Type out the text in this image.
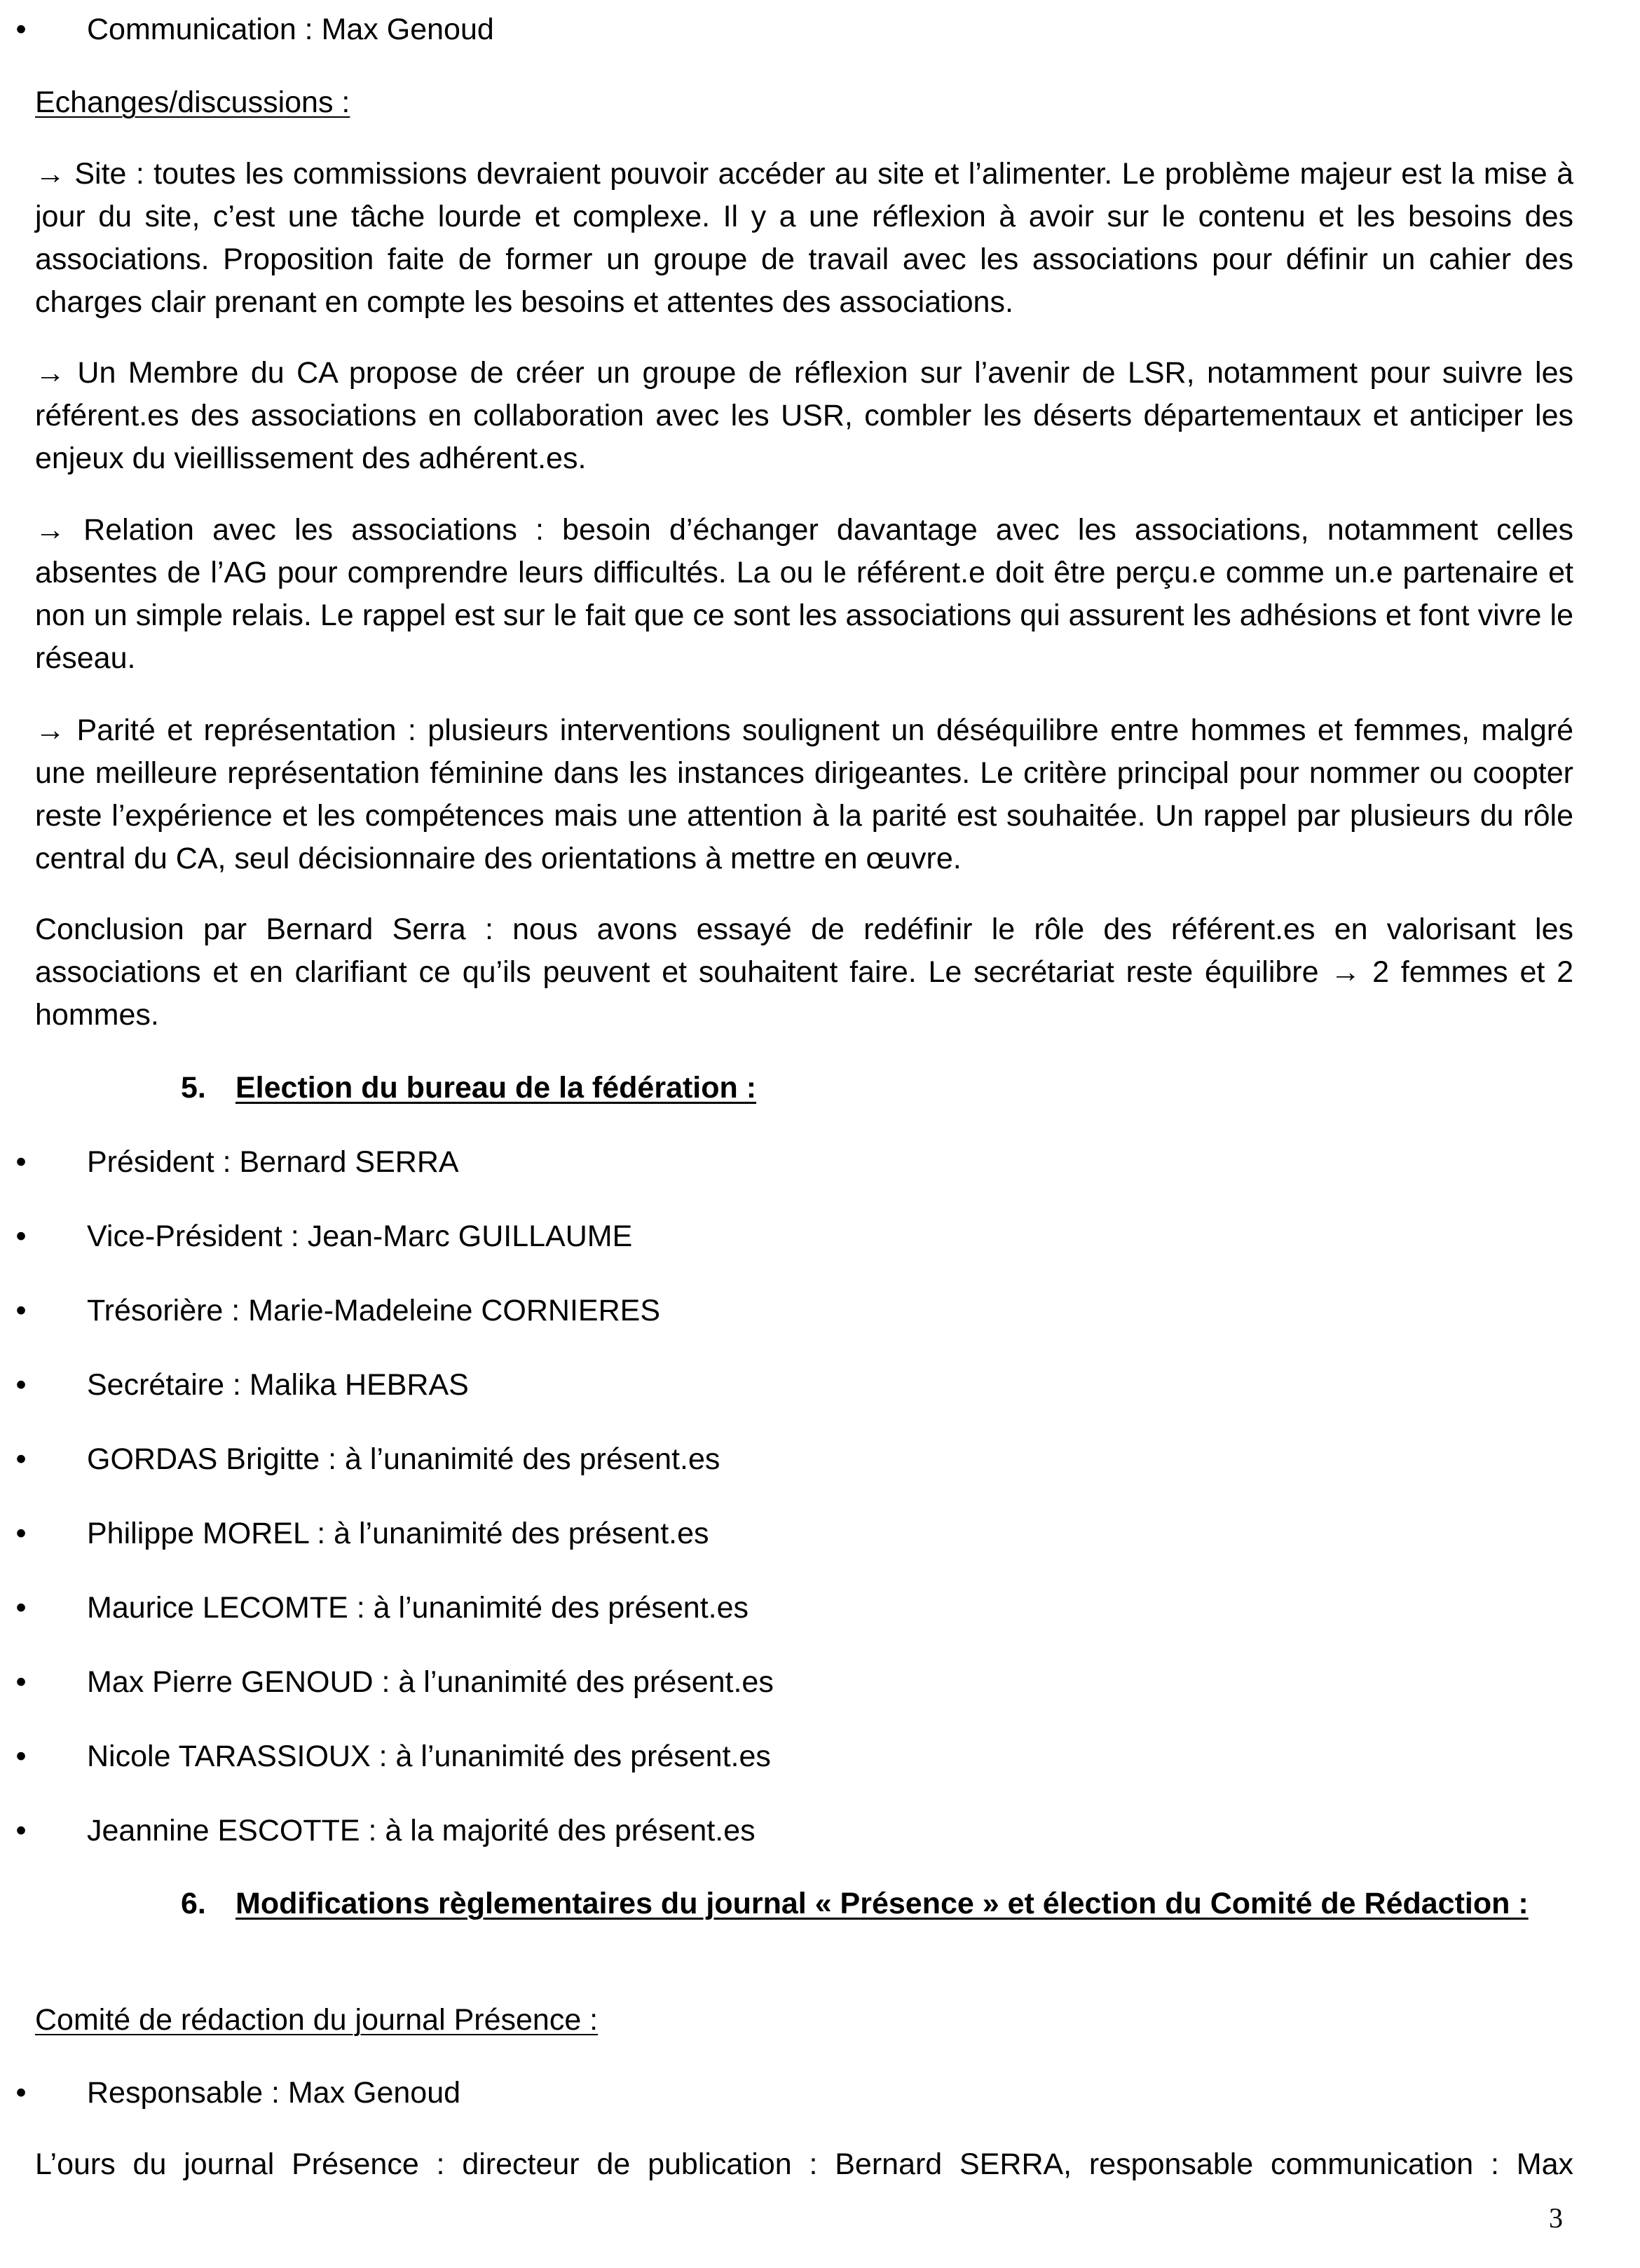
•	Communication : Max Genoud

Echanges/discussions :

→ Site : toutes les commissions devraient pouvoir accéder au site et l’alimenter. Le problème majeur est la mise à jour du site, c’est une tâche lourde et complexe. Il y a une réflexion à avoir sur le contenu et les besoins des associations. Proposition faite de former un groupe de travail avec les associations pour définir un cahier des charges clair prenant en compte les besoins et attentes des associations.

→ Un Membre du CA propose de créer un groupe de réflexion sur l’avenir de LSR, notamment pour suivre les référent.es des associations en collaboration avec les USR, combler les déserts départementaux et anticiper les enjeux du vieillissement des adhérent.es.

→ Relation avec les associations : besoin d’échanger davantage avec les associations, notamment celles absentes de l’AG pour comprendre leurs difficultés. La ou le référent.e doit être perçu.e comme un.e partenaire et non un simple relais. Le rappel est sur le fait que ce sont les associations qui assurent les adhésions et font vivre le réseau.

→ Parité et représentation : plusieurs interventions soulignent un déséquilibre entre hommes et femmes, malgré une meilleure représentation féminine dans les instances dirigeantes. Le critère principal pour nommer ou coopter reste l’expérience et les compétences mais une attention à la parité est souhaitée. Un rappel par plusieurs du rôle central du CA, seul décisionnaire des orientations à mettre en œuvre.

Conclusion par Bernard Serra : nous avons essayé de redéfinir le rôle des référent.es en valorisant les associations et en clarifiant ce qu’ils peuvent et souhaitent faire. Le secrétariat reste équilibre → 2 femmes et 2 hommes.

5. Election du bureau de la fédération :

•	Président : Bernard SERRA

•	Vice-Président : Jean-Marc GUILLAUME

•	Trésorière : Marie-Madeleine CORNIERES

•	Secrétaire : Malika HEBRAS

•	GORDAS Brigitte : à l’unanimité des présent.es

•	Philippe MOREL : à l’unanimité des présent.es

•	Maurice LECOMTE : à l’unanimité des présent.es

•	Max Pierre GENOUD : à l’unanimité des présent.es

•	Nicole TARASSIOUX : à l’unanimité des présent.es

•	Jeannine ESCOTTE : à la majorité des présent.es

6. Modifications règlementaires du journal « Présence » et élection du Comité de Rédaction :

Comité de rédaction du journal Présence :

•	Responsable : Max Genoud

L’ours du journal Présence : directeur de publication : Bernard SERRA, responsable communication : Max

3
